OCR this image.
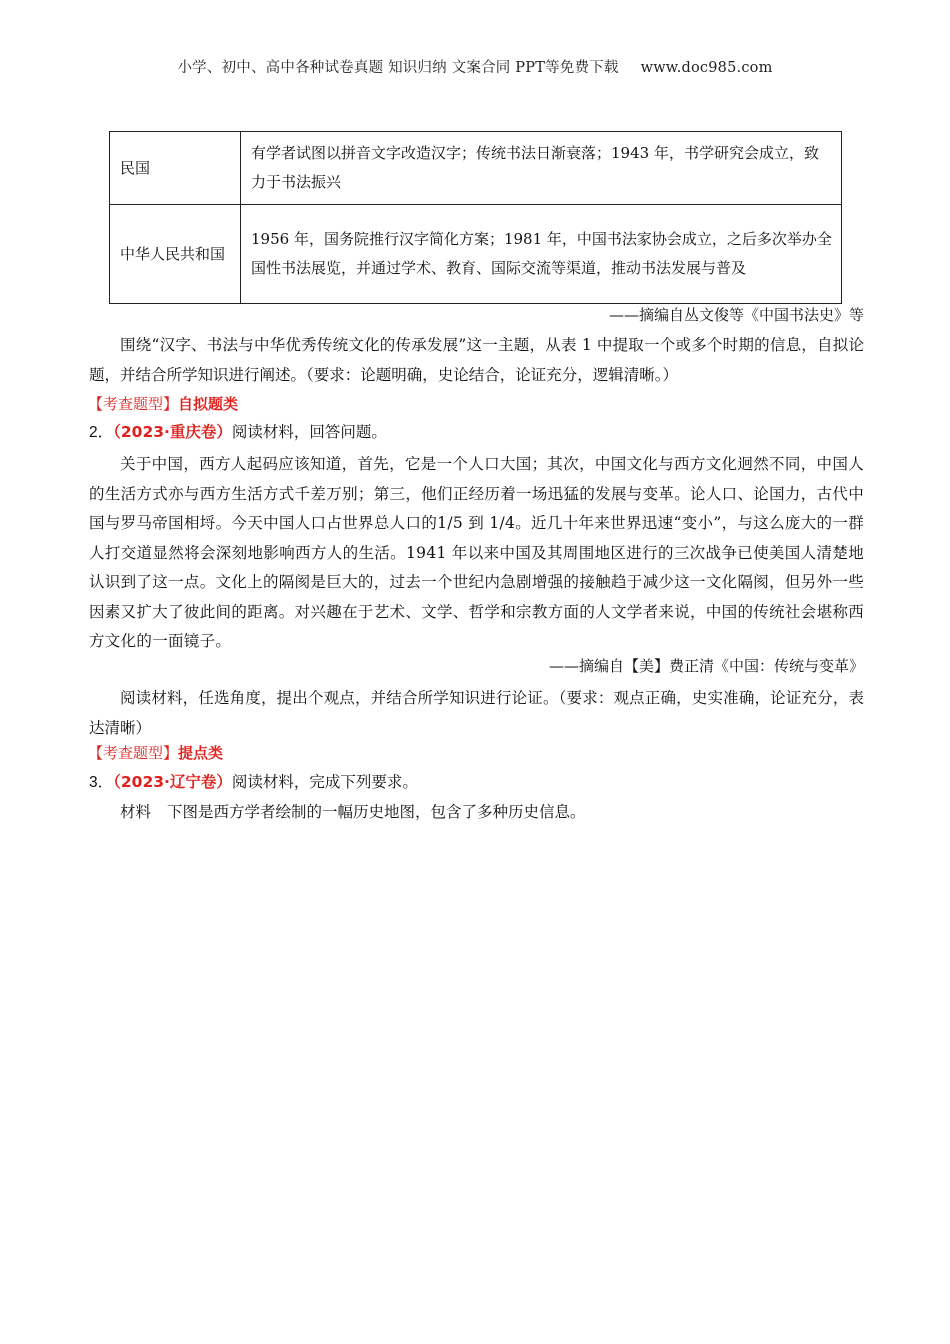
小学、初中、高中各种试卷真题 知识归纳 文案合同 PPT等免费下载 www.doc985.com
民国	有学者试图以拼音文字改造汉字；传统书法日渐衰落；1943 年，书学研究会成立，致力于书法振兴
中华人民共和国	1956 年，国务院推行汉字简化方案；1981 年，中国书法家协会成立，之后多次举办全国性书法展览，并通过学术、教育、国际交流等渠道，推动书法发展与普及
——摘编自丛文俊等《中国书法史》等
围绕“汉字、书法与中华优秀传统文化的传承发展”这一主题，从表 1 中提取一个或多个时期的信息，自拟论题，并结合所学知识进行阐述。（要求：论题明确，史论结合，论证充分，逻辑清晰。）
【考查题型】自拟题类
2．（2023·重庆卷）阅读材料，回答问题。
关于中国，西方人起码应该知道，首先，它是一个人口大国；其次，中国文化与西方文化迥然不同，中国人的生活方式亦与西方生活方式千差万别；第三，他们正经历着一场迅猛的发展与变革。论人口、论国力，古代中国与罗马帝国相埒。今天中国人口占世界总人口的1/5 到 1/4。近几十年来世界迅速“变小”，与这么庞大的一群人打交道显然将会深刻地影响西方人的生活。1941 年以来中国及其周围地区进行的三次战争已使美国人清楚地认识到了这一点。文化上的隔阂是巨大的，过去一个世纪内急剧增强的接触趋于减少这一文化隔阂，但另外一些因素又扩大了彼此间的距离。对兴趣在于艺术、文学、哲学和宗教方面的人文学者来说，中国的传统社会堪称西方文化的一面镜子。
——摘编自【美】费正清《中国：传统与变革》
阅读材料，任选角度，提出个观点，并结合所学知识进行论证。（要求：观点正确，史实准确，论证充分，表达清晰）
【考查题型】提点类
3．（2023·辽宁卷）阅读材料，完成下列要求。
材料 下图是西方学者绘制的一幅历史地图，包含了多种历史信息。
